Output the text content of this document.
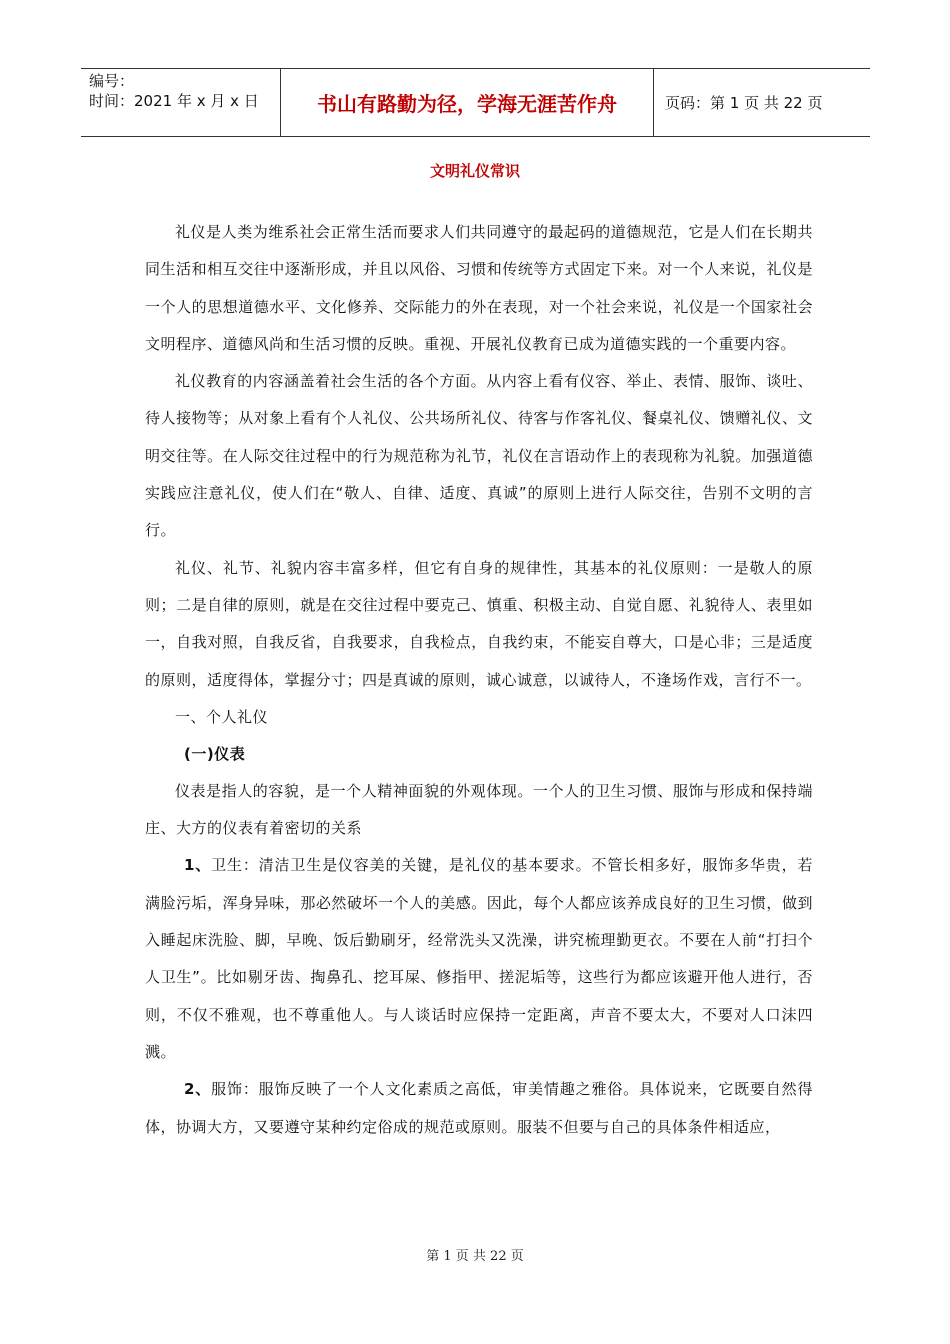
编号：
时间：2021 年 x 月 x 日	书山有路勤为径，学海无涯苦作舟	页码：第 1 页 共 22 页
文明礼仪常识

礼仪是人类为维系社会正常生活而要求人们共同遵守的最起码的道德规范，它是人们在长期共同生活和相互交往中逐渐形成，并且以风俗、习惯和传统等方式固定下来。对一个人来说，礼仪是一个人的思想道德水平、文化修养、交际能力的外在表现，对一个社会来说，礼仪是一个国家社会文明程序、道德风尚和生活习惯的反映。重视、开展礼仪教育已成为道德实践的一个重要内容。

礼仪教育的内容涵盖着社会生活的各个方面。从内容上看有仪容、举止、表情、服饰、谈吐、待人接物等；从对象上看有个人礼仪、公共场所礼仪、待客与作客礼仪、餐桌礼仪、馈赠礼仪、文明交往等。在人际交往过程中的行为规范称为礼节，礼仪在言语动作上的表现称为礼貌。加强道德实践应注意礼仪，使人们在“敬人、自律、适度、真诚”的原则上进行人际交往，告别不文明的言行。

礼仪、礼节、礼貌内容丰富多样，但它有自身的规律性，其基本的礼仪原则：一是敬人的原则；二是自律的原则，就是在交往过程中要克己、慎重、积极主动、自觉自愿、礼貌待人、表里如一，自我对照，自我反省，自我要求，自我检点，自我约束，不能妄自尊大，口是心非；三是适度的原则，适度得体，掌握分寸；四是真诚的原则，诚心诚意，以诚待人，不逢场作戏，言行不一。

一、个人礼仪

(一)仪表

仪表是指人的容貌，是一个人精神面貌的外观体现。一个人的卫生习惯、服饰与形成和保持端庄、大方的仪表有着密切的关系

1、卫生：清洁卫生是仪容美的关键，是礼仪的基本要求。不管长相多好，服饰多华贵，若满脸污垢，浑身异味，那必然破坏一个人的美感。因此，每个人都应该养成良好的卫生习惯，做到入睡起床洗脸、脚，早晚、饭后勤刷牙，经常洗头又洗澡，讲究梳理勤更衣。不要在人前“打扫个人卫生”。比如剔牙齿、掏鼻孔、挖耳屎、修指甲、搓泥垢等，这些行为都应该避开他人进行，否则，不仅不雅观，也不尊重他人。与人谈话时应保持一定距离，声音不要太大，不要对人口沫四溅。

2、服饰：服饰反映了一个人文化素质之高低，审美情趣之雅俗。具体说来，它既要自然得体，协调大方，又要遵守某种约定俗成的规范或原则。服装不但要与自己的具体条件相适应，

第 1 页 共 22 页
